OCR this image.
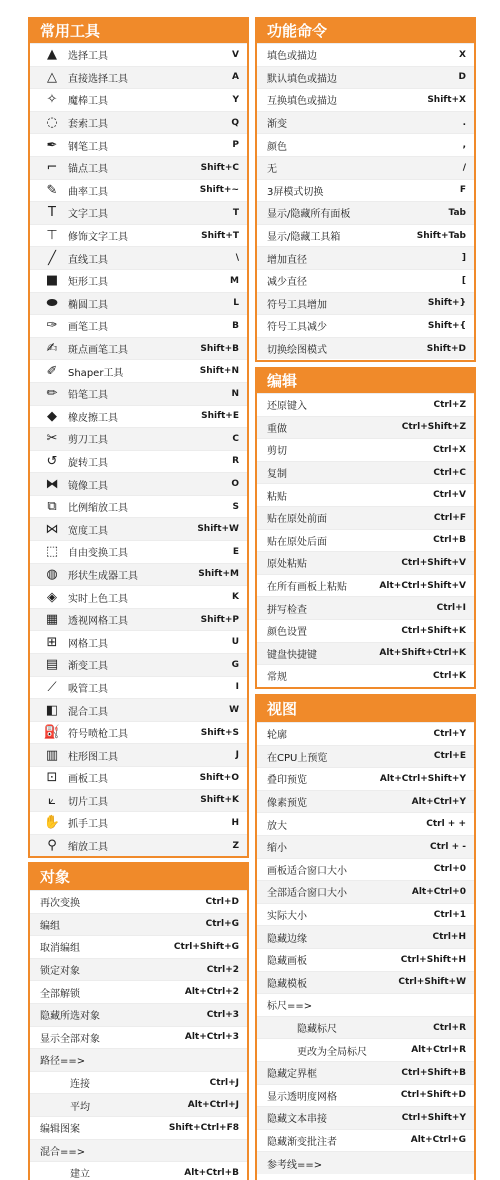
常用工具
▲	选择工具	V
△	直接选择工具	A
✧	魔棒工具	Y
◌	套索工具	Q
✒	钢笔工具	P
⌐	锚点工具	Shift+C
✎	曲率工具	Shift+~
T	文字工具	T
⊤	修饰文字工具	Shift+T
╱	直线工具	\
■ 矩形工具	M
⬬	椭圆工具	L
✑	画笔工具	B
✍	斑点画笔工具	Shift+B
✐	Shaper工具	Shift+N
✏	铅笔工具	N
◆	橡皮擦工具	Shift+E
✂	剪刀工具	C
↺	旋转工具	R
⧓ 镜像工具	O
⧉	比例缩放工具	S
⋈ 宽度工具	Shift+W
⬚ 自由变换工具	E
◍	形状生成器工具	Shift+M
◈	实时上色工具	K
▦ 透视网格工具	Shift+P
⊞	网格工具	U
▤ 渐变工具	G
⟋	吸管工具	I
◧ 混合工具	W
⛽ 符号喷枪工具	Shift+S
▥ 柱形图工具	J
⊡	画板工具	Shift+O
⟀	切片工具	Shift+K
✋ 抓手工具	H
⚲	缩放工具	Z
对象
再次变换	Ctrl+D
编组	Ctrl+G
取消编组	Ctrl+Shift+G
锁定对象	Ctrl+2
全部解锁	Alt+Ctrl+2
隐藏所选对象	Ctrl+3
显示全部对象	Alt+Ctrl+3
路径==>
连接	Ctrl+J
平均	Alt+Ctrl+J
编辑图案	Shift+Ctrl+F8
混合==>
建立	Alt+Ctrl+B
功能命令
填色或描边	X
默认填色或描边	D
互换填色或描边	Shift+X
渐变	.
颜色	,
无	/
3屏模式切换	F
显示/隐藏所有面板	Tab
显示/隐藏工具箱	Shift+Tab
增加直径	]
减少直径	[
符号工具增加	Shift+}
符号工具减少	Shift+{
切换绘图模式	Shift+D
编辑
还原键入	Ctrl+Z
重做	Ctrl+Shift+Z
剪切	Ctrl+X
复制	Ctrl+C
粘贴	Ctrl+V
贴在原处前面	Ctrl+F
贴在原处后面	Ctrl+B
原处粘贴	Ctrl+Shift+V
在所有画板上粘贴	Alt+Ctrl+Shift+V
拼写检查	Ctrl+I
颜色设置	Ctrl+Shift+K
键盘快捷键	Alt+Shift+Ctrl+K
常规	Ctrl+K
视图
轮廓	Ctrl+Y
在CPU上预览	Ctrl+E
叠印预览	Alt+Ctrl+Shift+Y
像素预览	Alt+Ctrl+Y
放大	Ctrl + +
缩小	Ctrl + -
画板适合窗口大小	Ctrl+0
全部适合窗口大小	Alt+Ctrl+0
实际大小	Ctrl+1
隐藏边缘	Ctrl+H
隐藏画板	Ctrl+Shift+H
隐藏模板	Ctrl+Shift+W
标尺==>
隐藏标尺	Ctrl+R
更改为全局标尺	Alt+Ctrl+R
隐藏定界框	Ctrl+Shift+B
显示透明度网格	Ctrl+Shift+D
隐藏文本串接	Ctrl+Shift+Y
隐藏渐变批注者	Alt+Ctrl+G
参考线==>
